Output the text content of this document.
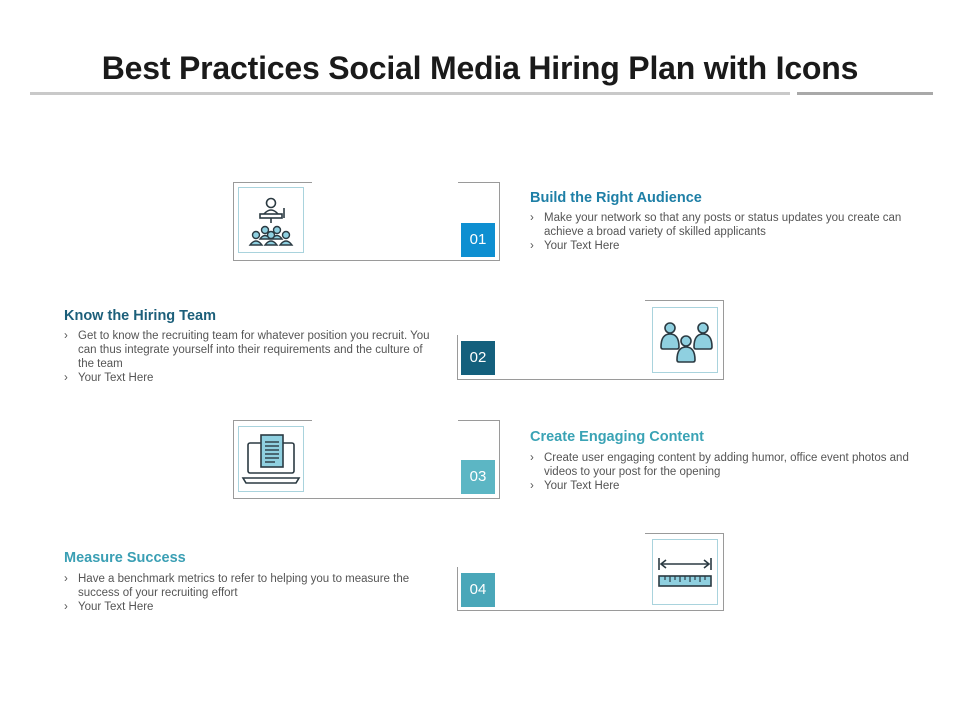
Best Practices Social Media Hiring Plan with Icons
01
Build the Right Audience
› Make your network so that any posts or status updates you create can achieve a broad variety of skilled applicants
› Your Text Here
02
Know the Hiring Team
› Get to know the recruiting team for whatever position you recruit. You can thus integrate yourself into their requirements and the culture of the team
› Your Text Here
03
Create Engaging Content
› Create user engaging content by adding humor, office event photos and videos to your post for the opening
› Your Text Here
04
Measure Success
› Have a benchmark metrics to refer to helping you to measure the success of your recruiting effort
› Your Text Here
